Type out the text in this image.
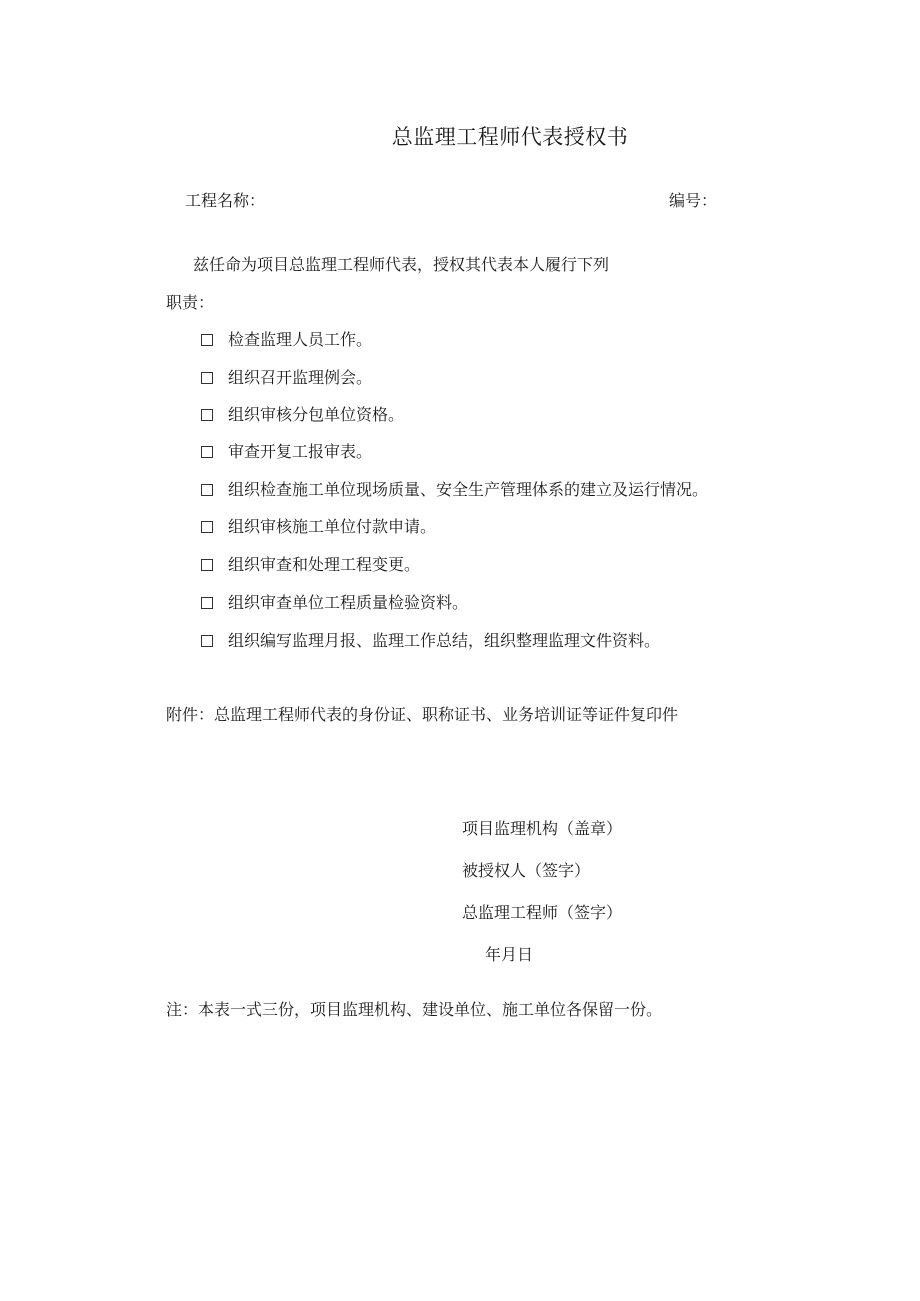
总监理工程师代表授权书
工程名称：	编号：
兹任命为项目总监理工程师代表，授权其代表本人履行下列
职责：
检查监理人员工作。
组织召开监理例会。
组织审核分包单位资格。
审查开复工报审表。
组织检查施工单位现场质量、安全生产管理体系的建立及运行情况。
组织审核施工单位付款申请。
组织审查和处理工程变更。
组织审查单位工程质量检验资料。
组织编写监理月报、监理工作总结，组织整理监理文件资料。
附件：总监理工程师代表的身份证、职称证书、业务培训证等证件复印件
项目监理机构（盖章）
被授权人（签字）
总监理工程师（签字）
年月日
注：本表一式三份，项目监理机构、建设单位、施工单位各保留一份。
